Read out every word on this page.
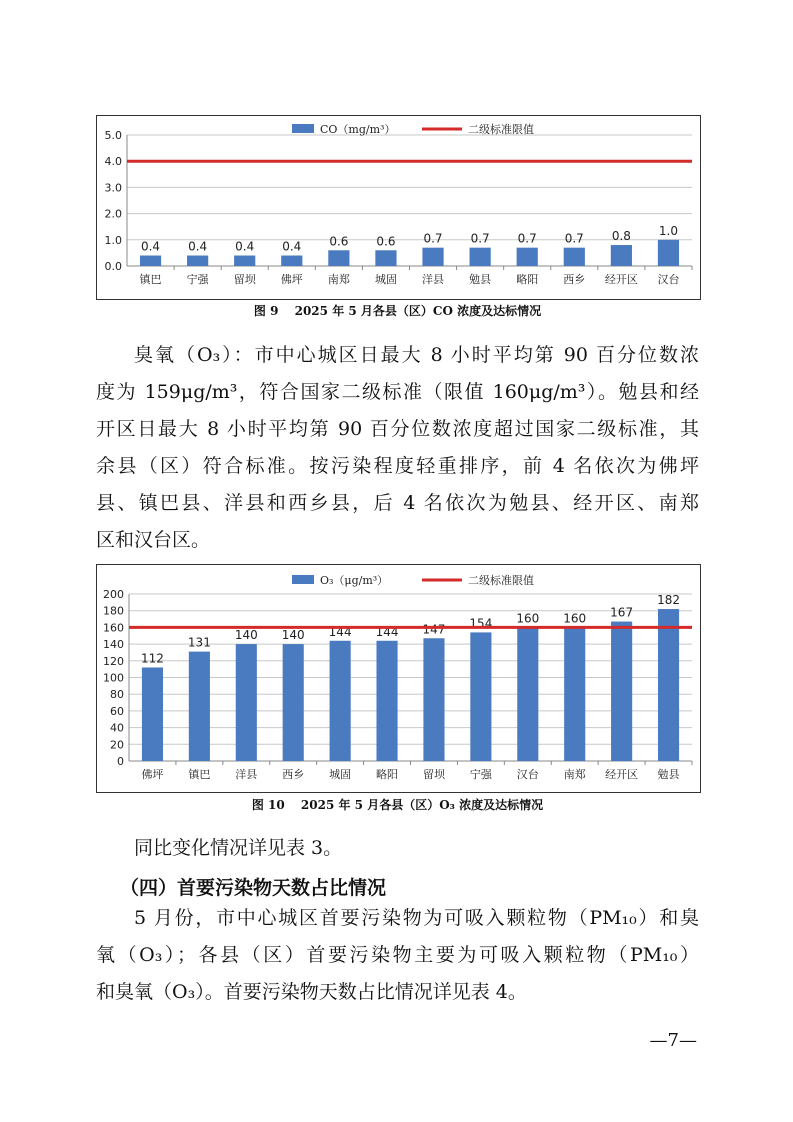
0.0
1.0
2.0
3.0
4.0
5.0
0.4
镇巴
0.4
宁强
0.4
留坝
0.4
佛坪
0.6
南郑
0.6
城固
0.7
洋县
0.7
勉县
0.7
略阳
0.7
西乡
0.8
经开区
1.0
汉台
CO（mg/m³）	二级标准限值
图 9　 2025 年 5 月各县（区）CO 浓度及达标情况
臭氧（O₃）：市中心城区日最大 8 小时平均第 90 百分位数浓
度为 159μg/m³，符合国家二级标准（限值 160μg/m³）。勉县和经
开区日最大 8 小时平均第 90 百分位数浓度超过国家二级标准，其
余县（区）符合标准。按污染程度轻重排序，前 4 名依次为佛坪
县、镇巴县、洋县和西乡县，后 4 名依次为勉县、经开区、南郑
区和汉台区。
0
20
40
60
80
100
120
140
160
180
200
112
佛坪
131
镇巴
140
洋县
140
西乡
144
城固
144
略阳
147
留坝
154
宁强
160
汉台
160
南郑
167
经开区
182
勉县
O₃（μg/m³）	二级标准限值
图 10　 2025 年 5 月各县（区）O₃ 浓度及达标情况
同比变化情况详见表 3。
（四）首要污染物天数占比情况
5 月份，市中心城区首要污染物为可吸入颗粒物（PM₁₀）和臭
氧（O₃）；各县（区）首要污染物主要为可吸入颗粒物（PM₁₀）
和臭氧（O₃）。首要污染物天数占比情况详见表 4。
—7—
